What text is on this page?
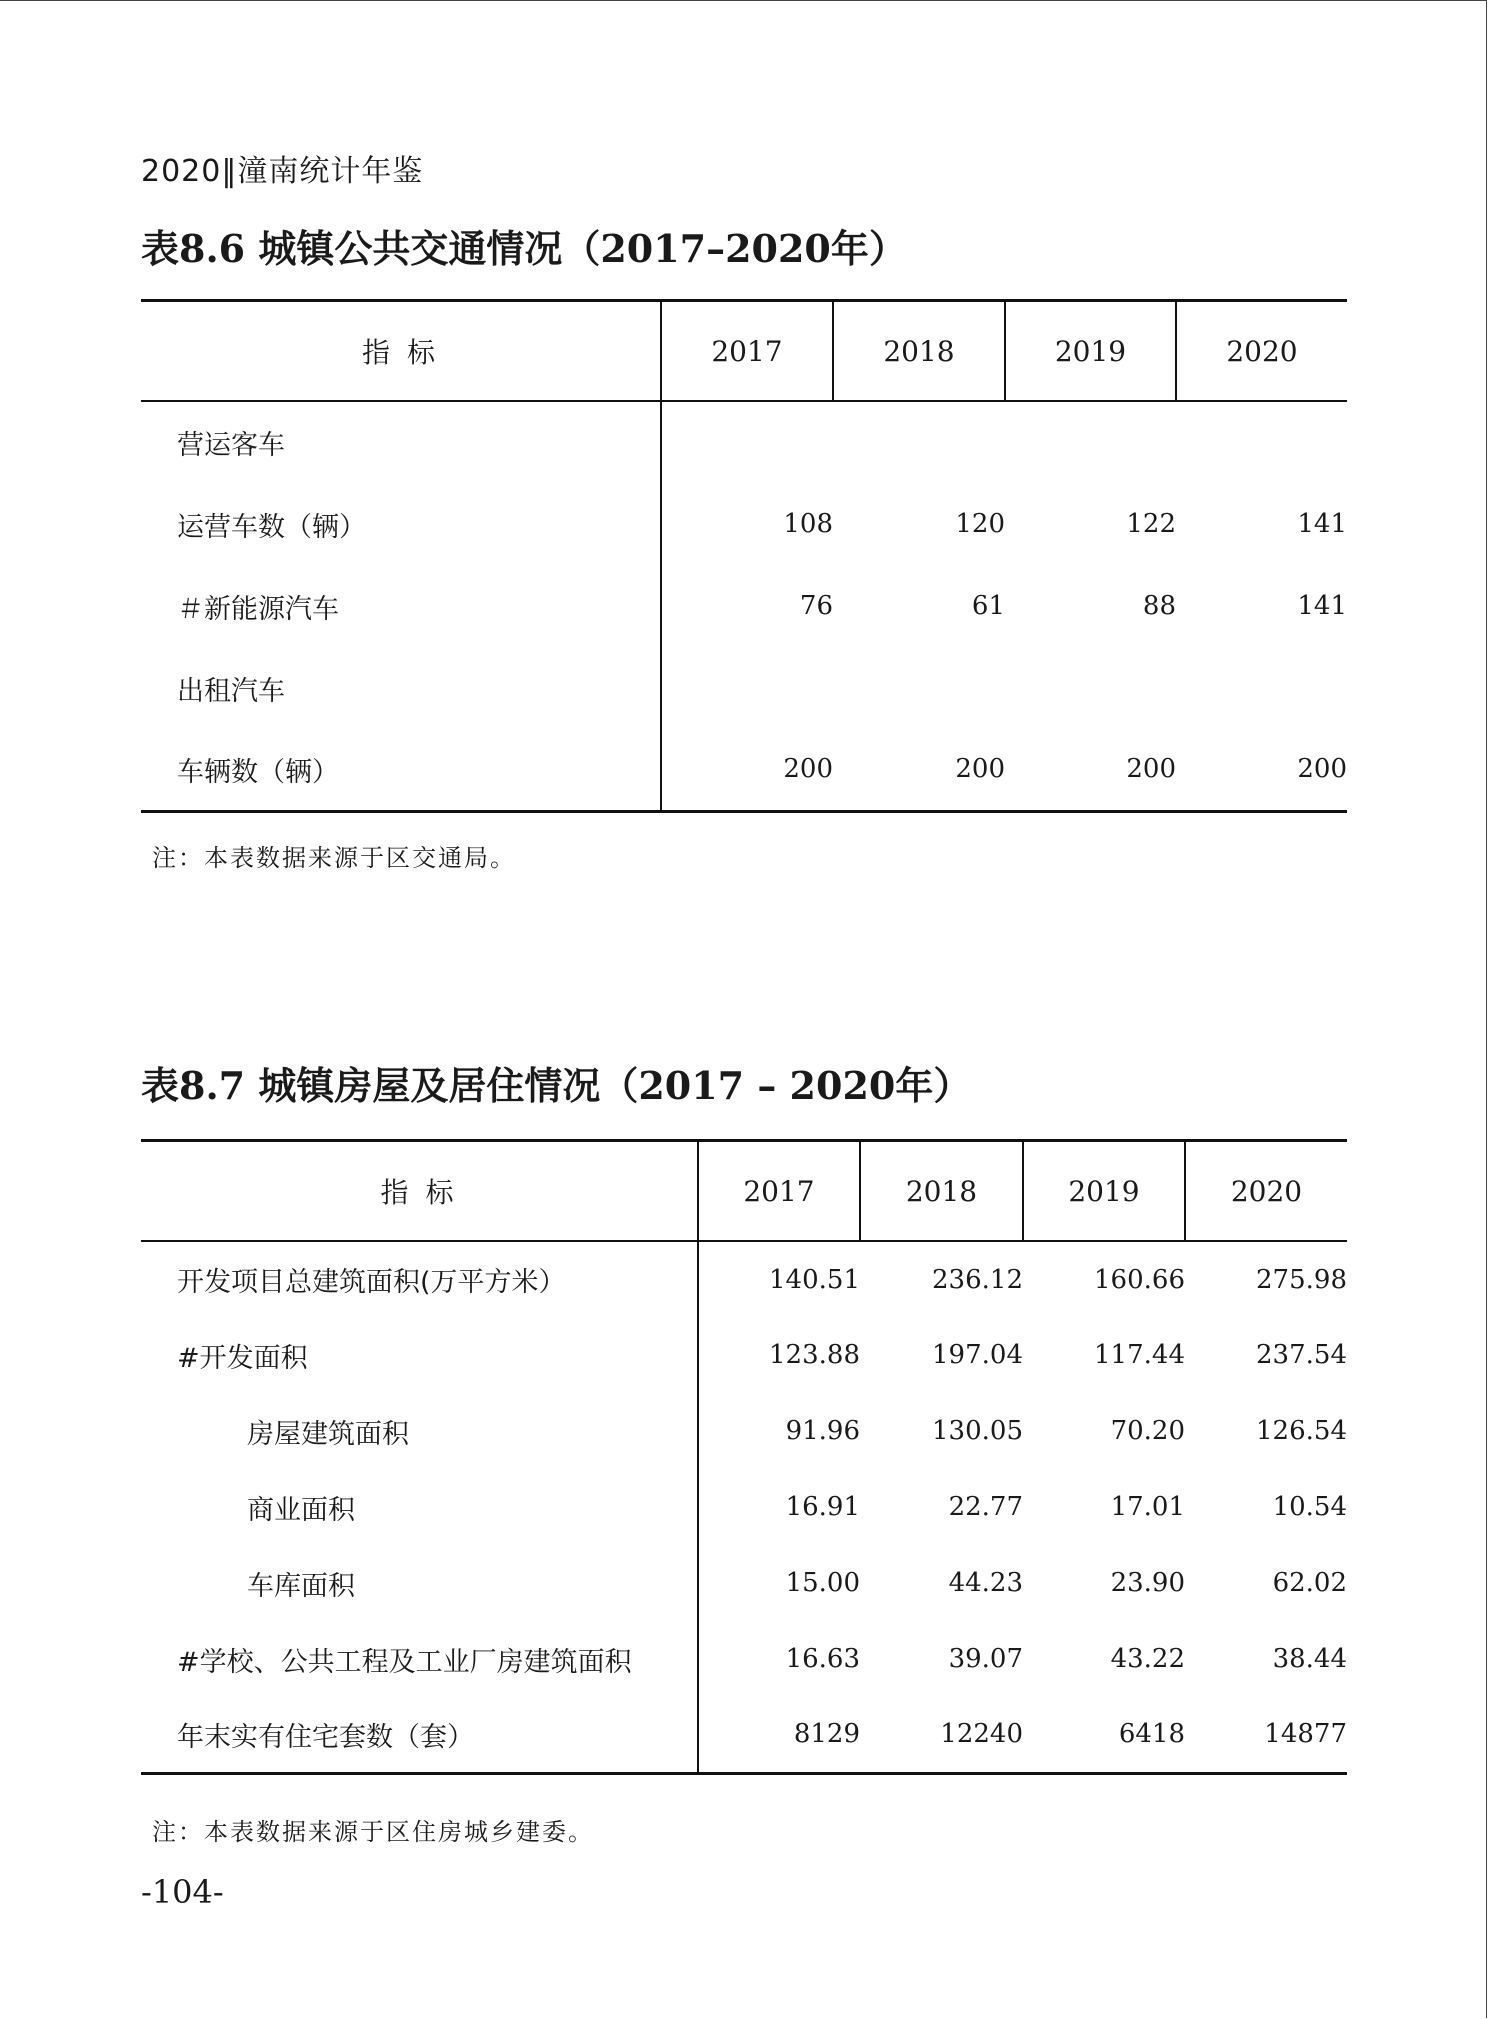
2020‖潼南统计年鉴
表8.6 城镇公共交通情况（2017–2020年）
指 标	2017	2018	2019	2020
营运客车				
运营车数（辆）	108	120	122	141
＃新能源汽车	76	61	88	141
出租汽车				
车辆数（辆）	200	200	200	200
注：本表数据来源于区交通局。
表8.7 城镇房屋及居住情况（2017 – 2020年）
指 标	2017	2018	2019	2020
开发项目总建筑面积(万平方米）	140.51	236.12	160.66	275.98
#开发面积	123.88	197.04	117.44	237.54
房屋建筑面积	91.96	130.05	70.20	126.54
商业面积	16.91	22.77	17.01	10.54
车库面积	15.00	44.23	23.90	62.02
#学校、公共工程及工业厂房建筑面积	16.63	39.07	43.22	38.44
年末实有住宅套数（套）	8129	12240	6418	14877
注：本表数据来源于区住房城乡建委。
-104-
